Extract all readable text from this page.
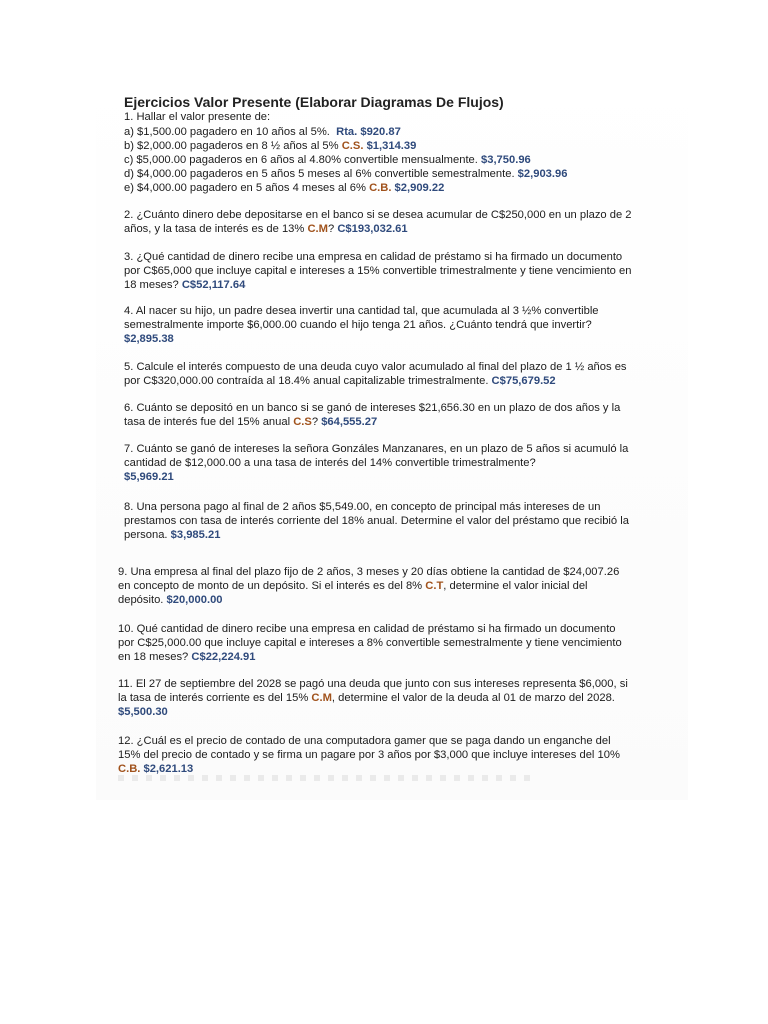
Ejercicios Valor Presente (Elaborar Diagramas De Flujos)
1. Hallar el valor presente de:
a) $1,500.00 pagadero en 10 años al 5%. Rta. $920.87
b) $2,000.00 pagaderos en 8 ½ años al 5% C.S. $1,314.39
c) $5,000.00 pagaderos en 6 años al 4.80% convertible mensualmente. $3,750.96
d) $4,000.00 pagaderos en 5 años 5 meses al 6% convertible semestralmente. $2,903.96
e) $4,000.00 pagadero en 5 años 4 meses al 6% C.B. $2,909.22
2. ¿Cuánto dinero debe depositarse en el banco si se desea acumular de C$250,000 en un plazo de 2
años, y la tasa de interés es de 13% C.M? C$193,032.61
3. ¿Qué cantidad de dinero recibe una empresa en calidad de préstamo si ha firmado un documento
por C$65,000 que incluye capital e intereses a 15% convertible trimestralmente y tiene vencimiento en
18 meses? C$52,117.64
4. Al nacer su hijo, un padre desea invertir una cantidad tal, que acumulada al 3 ½% convertible
semestralmente importe $6,000.00 cuando el hijo tenga 21 años. ¿Cuánto tendrá que invertir?
$2,895.38
5. Calcule el interés compuesto de una deuda cuyo valor acumulado al final del plazo de 1 ½ años es
por C$320,000.00 contraída al 18.4% anual capitalizable trimestralmente. C$75,679.52
6. Cuánto se depositó en un banco si se ganó de intereses $21,656.30 en un plazo de dos años y la
tasa de interés fue del 15% anual C.S? $64,555.27
7. Cuánto se ganó de intereses la señora Gonzáles Manzanares, en un plazo de 5 años si acumuló la
cantidad de $12,000.00 a una tasa de interés del 14% convertible trimestralmente?
$5,969.21
8. Una persona pago al final de 2 años $5,549.00, en concepto de principal más intereses de un
prestamos con tasa de interés corriente del 18% anual. Determine el valor del préstamo que recibió la
persona. $3,985.21
9. Una empresa al final del plazo fijo de 2 años, 3 meses y 20 días obtiene la cantidad de $24,007.26
en concepto de monto de un depósito. Si el interés es del 8% C.T, determine el valor inicial del
depósito. $20,000.00
10. Qué cantidad de dinero recibe una empresa en calidad de préstamo si ha firmado un documento
por C$25,000.00 que incluye capital e intereses a 8% convertible semestralmente y tiene vencimiento
en 18 meses? C$22,224.91
11. El 27 de septiembre del 2028 se pagó una deuda que junto con sus intereses representa $6,000, si
la tasa de interés corriente es del 15% C.M, determine el valor de la deuda al 01 de marzo del 2028.
$5,500.30
12. ¿Cuál es el precio de contado de una computadora gamer que se paga dando un enganche del
15% del precio de contado y se firma un pagare por 3 años por $3,000 que incluye intereses del 10%
C.B. $2,621.13
